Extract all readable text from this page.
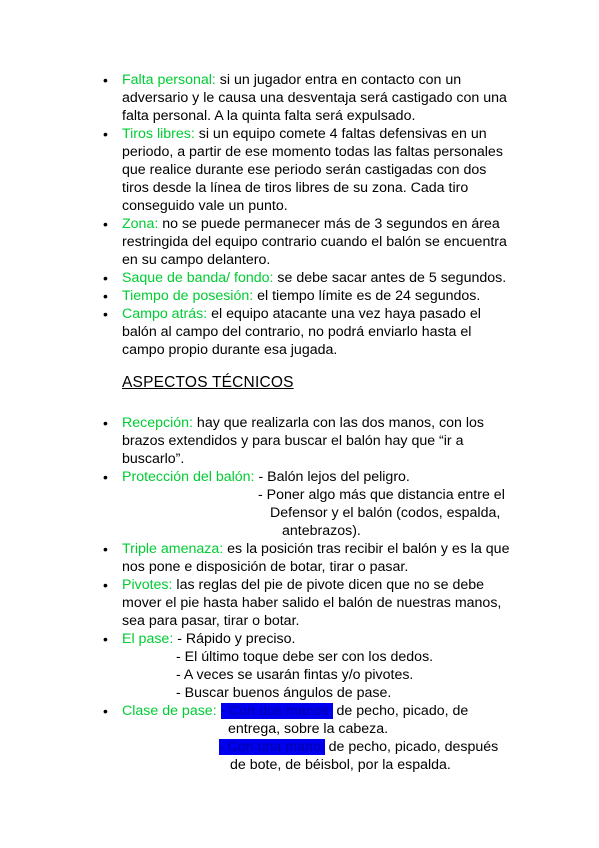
• Falta personal: si un jugador entra en contacto con un
adversario y le causa una desventaja será castigado con una
falta personal. A la quinta falta será expulsado.
• Tiros libres: si un equipo comete 4 faltas defensivas en un
periodo, a partir de ese momento todas las faltas personales
que realice durante ese periodo serán castigadas con dos
tiros desde la línea de tiros libres de su zona. Cada tiro
conseguido vale un punto.
• Zona: no se puede permanecer más de 3 segundos en área
restringida del equipo contrario cuando el balón se encuentra
en su campo delantero.
• Saque de banda/ fondo: se debe sacar antes de 5 segundos.
• Tiempo de posesión: el tiempo límite es de 24 segundos.
• Campo atrás: el equipo atacante una vez haya pasado el
balón al campo del contrario, no podrá enviarlo hasta el
campo propio durante esa jugada.
ASPECTOS TÉCNICOS
• Recepción: hay que realizarla con las dos manos, con los
brazos extendidos y para buscar el balón hay que “ir a
buscarlo”.
• Protección del balón: - Balón lejos del peligro.
- Poner algo más que distancia entre el
Defensor y el balón (codos, espalda,
antebrazos).
• Triple amenaza: es la posición tras recibir el balón y es la que
nos pone e disposición de botar, tirar o pasar.
• Pivotes: las reglas del pie de pivote dicen que no se debe
mover el pie hasta haber salido el balón de nuestras manos,
sea para pasar, tirar o botar.
• El pase: - Rápido y preciso.
- El último toque debe ser con los dedos.
- A veces se usarán fintas y/o pivotes.
- Buscar buenos ángulos de pase.
• Clase de pase: - Con dos manos: de pecho, picado, de
entrega, sobre la cabeza.
- Con una mano: de pecho, picado, después
de bote, de béisbol, por la espalda.
